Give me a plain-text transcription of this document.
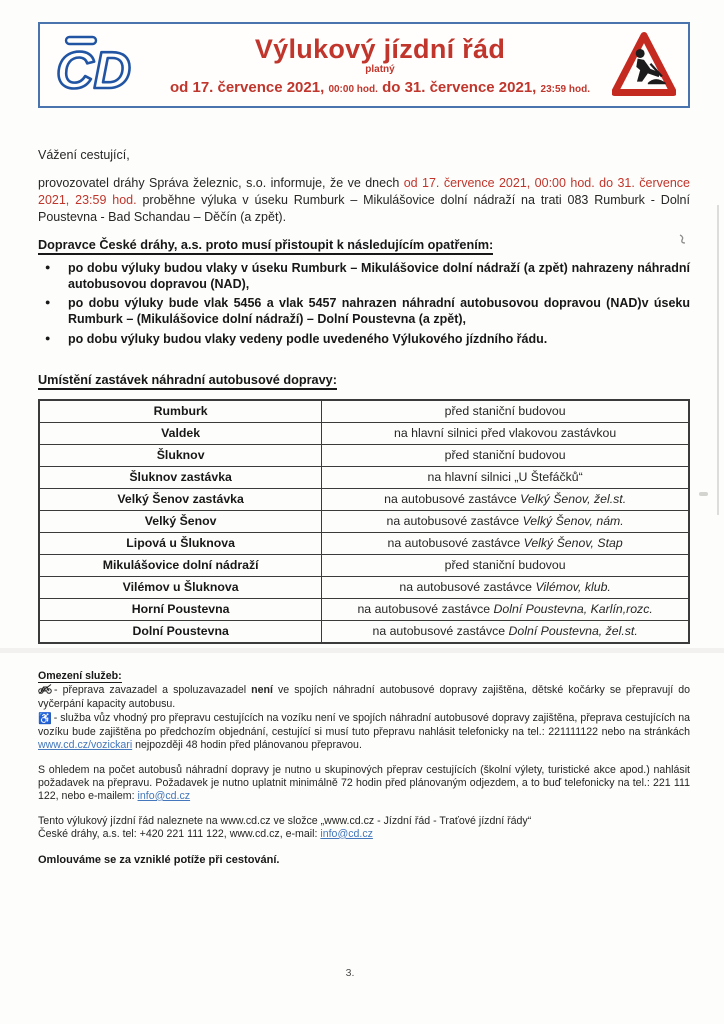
CD	Výlukový jízdní řád
platný
od 17. července 2021, 00:00 hod. do 31. července 2021, 23:59 hod.
Vážení cestující,
provozovatel dráhy Správa železnic, s.o. informuje, že ve dnech od 17. července 2021, 00:00 hod. do 31. července 2021, 23:59 hod. proběhne výluka v úseku Rumburk – Mikulášovice dolní nádraží na trati 083 Rumburk - Dolní Poustevna - Bad Schandau – Děčín (a zpět).
Dopravce České dráhy, a.s. proto musí přistoupit k následujícím opatřením:
● po dobu výluky budou vlaky v úseku Rumburk – Mikulášovice dolní nádraží (a zpět) nahrazeny náhradní autobusovou dopravou (NAD),
● po dobu výluky bude vlak 5456 a vlak 5457 nahrazen náhradní autobusovou dopravou (NAD)v úseku Rumburk – (Mikulášovice dolní nádraží) – Dolní Poustevna (a zpět),
● po dobu výluky budou vlaky vedeny podle uvedeného Výlukového jízdního řádu.
Umístění zastávek náhradní autobusové dopravy:
Rumburk	před staniční budovou
Valdek	na hlavní silnici před vlakovou zastávkou
Šluknov	před staniční budovou
Šluknov zastávka	na hlavní silnici „U Štefáčků“
Velký Šenov zastávka	na autobusové zastávce Velký Šenov, žel.st.
Velký Šenov	na autobusové zastávce Velký Šenov, nám.
Lipová u Šluknova	na autobusové zastávce Velký Šenov, Stap
Mikulášovice dolní nádraží	před staniční budovou
Vilémov u Šluknova	na autobusové zastávce Vilémov, klub.
Horní Poustevna	na autobusové zastávce Dolní Poustevna, Karlín,rozc.
Dolní Poustevna	na autobusové zastávce Dolní Poustevna, žel.st.
Omezení služeb:
- přeprava zavazadel a spoluzavazadel není ve spojích náhradní autobusové dopravy zajištěna, dětské kočárky se přepravují do vyčerpání kapacity autobusu.
♿ - služba vůz vhodný pro přepravu cestujících na vozíku není ve spojích náhradní autobusové dopravy zajištěna, přeprava cestujících na vozíku bude zajištěna po předchozím objednání, cestující si musí tuto přepravu nahlásit telefonicky na tel.: 221111122 nebo na stránkách www.cd.cz/vozickari nejpozději 48 hodin před plánovanou přepravou.
S ohledem na počet autobusů náhradní dopravy je nutno u skupinových přeprav cestujících (školní výlety, turistické akce apod.) nahlásit požadavek na přepravu. Požadavek je nutno uplatnit minimálně 72 hodin před plánovaným odjezdem, a to buď telefonicky na tel.: 221 111 122, nebo e-mailem: info@cd.cz
Tento výlukový jízdní řád naleznete na www.cd.cz ve složce „www.cd.cz - Jízdní řád - Traťové jízdní řády“
České dráhy, a.s. tel: +420 221 111 122, www.cd.cz, e-mail: info@cd.cz
Omlouváme se za vzniklé potíže při cestování.
3.
